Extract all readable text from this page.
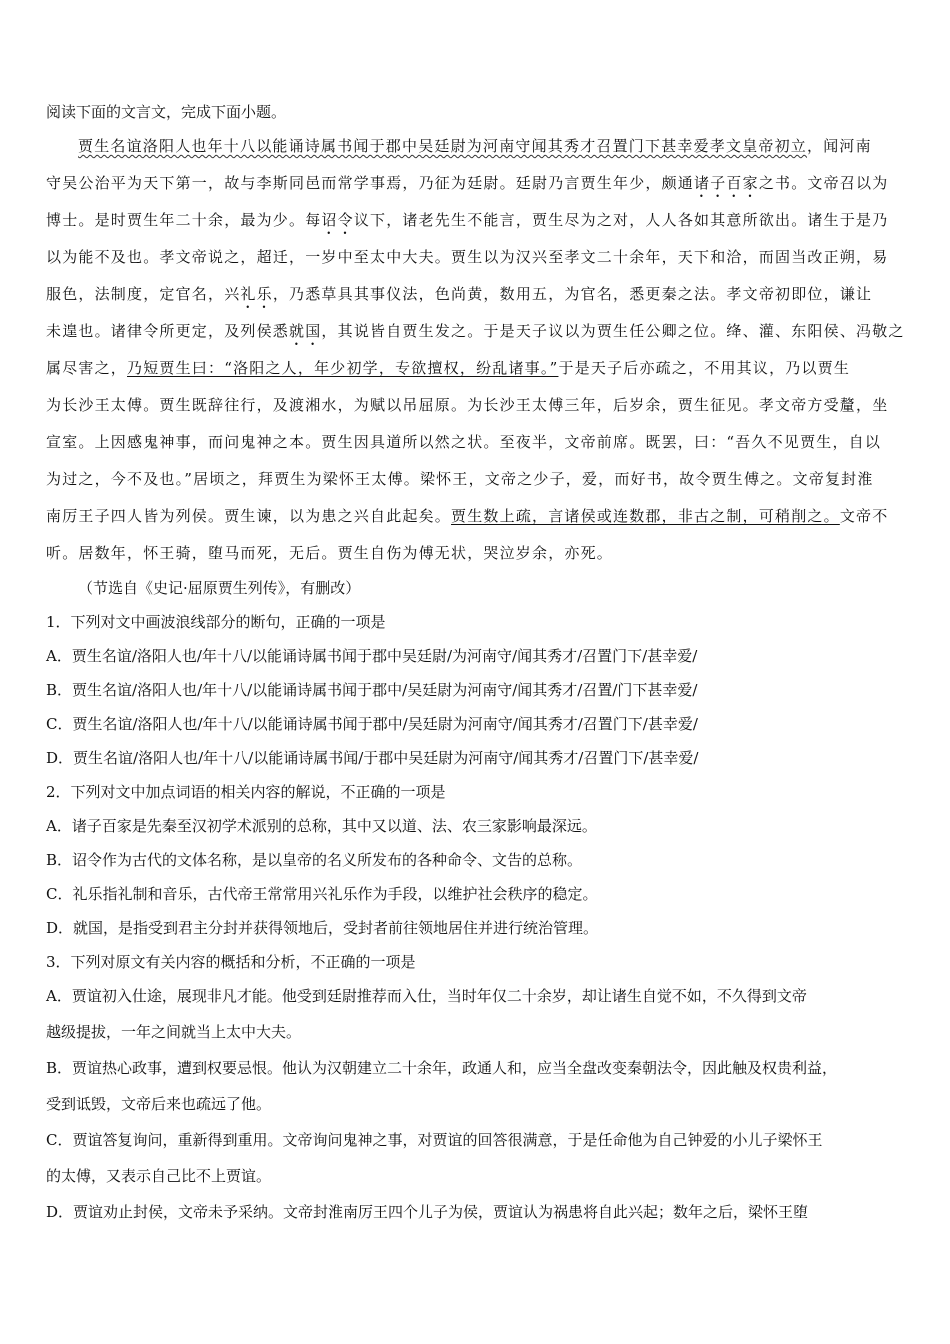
阅读下面的文言文，完成下面小题。
贾生名谊洛阳人也年十八以能诵诗属书闻于郡中吴廷尉为河南守闻其秀才召置门下甚幸爱孝文皇帝初立，闻河南
守吴公治平为天下第一，故与李斯同邑而常学事焉，乃征为廷尉。廷尉乃言贾生年少，颇通诸子百家之书。文帝召以为
博士。是时贾生年二十余，最为少。每诏令议下，诸老先生不能言，贾生尽为之对，人人各如其意所欲出。诸生于是乃
以为能不及也。孝文帝说之，超迁，一岁中至太中大夫。贾生以为汉兴至孝文二十余年，天下和洽，而固当改正朔，易
服色，法制度，定官名，兴礼乐，乃悉草具其事仪法，色尚黄，数用五，为官名，悉更秦之法。孝文帝初即位，谦让
未遑也。诸律令所更定，及列侯悉就国，其说皆自贾生发之。于是天子议以为贾生任公卿之位。绛、灌、东阳侯、冯敬之
属尽害之，乃短贾生曰：“洛阳之人，年少初学，专欲擅权，纷乱诸事。”于是天子后亦疏之，不用其议，乃以贾生
为长沙王太傅。贾生既辞往行，及渡湘水，为赋以吊屈原。为长沙王太傅三年，后岁余，贾生征见。孝文帝方受釐，坐
宣室。上因感鬼神事，而问鬼神之本。贾生因具道所以然之状。至夜半，文帝前席。既罢，曰：“吾久不见贾生，自以
为过之，今不及也。”居顷之，拜贾生为梁怀王太傅。梁怀王，文帝之少子，爱，而好书，故令贾生傅之。文帝复封淮
南厉王子四人皆为列侯。贾生谏，以为患之兴自此起矣。贾生数上疏，言诸侯或连数郡，非古之制，可稍削之。文帝不
听。居数年，怀王骑，堕马而死，无后。贾生自伤为傅无状，哭泣岁余，亦死。
（节选自《史记·屈原贾生列传》，有删改）
1．下列对文中画波浪线部分的断句，正确的一项是
A．贾生名谊/洛阳人也/年十八/以能诵诗属书闻于郡中吴廷尉/为河南守/闻其秀才/召置门下/甚幸爱/
B．贾生名谊/洛阳人也/年十八/以能诵诗属书闻于郡中/吴廷尉为河南守/闻其秀才/召置/门下甚幸爱/
C．贾生名谊/洛阳人也/年十八/以能诵诗属书闻于郡中/吴廷尉为河南守/闻其秀才/召置门下/甚幸爱/
D．贾生名谊/洛阳人也/年十八/以能诵诗属书闻/于郡中吴廷尉为河南守/闻其秀才/召置门下/甚幸爱/
2．下列对文中加点词语的相关内容的解说，不正确的一项是
A．诸子百家是先秦至汉初学术派别的总称，其中又以道、法、农三家影响最深远。
B．诏令作为古代的文体名称，是以皇帝的名义所发布的各种命令、文告的总称。
C．礼乐指礼制和音乐，古代帝王常常用兴礼乐作为手段，以维护社会秩序的稳定。
D．就国，是指受到君主分封并获得领地后，受封者前往领地居住并进行统治管理。
3．下列对原文有关内容的概括和分析，不正确的一项是
A．贾谊初入仕途，展现非凡才能。他受到廷尉推荐而入仕，当时年仅二十余岁，却让诸生自觉不如，不久得到文帝
越级提拔，一年之间就当上太中大夫。
B．贾谊热心政事，遭到权要忌恨。他认为汉朝建立二十余年，政通人和，应当全盘改变秦朝法令，因此触及权贵利益，
受到诋毁，文帝后来也疏远了他。
C．贾谊答复询问，重新得到重用。文帝询问鬼神之事，对贾谊的回答很满意，于是任命他为自己钟爱的小儿子梁怀王
的太傅，又表示自己比不上贾谊。
D．贾谊劝止封侯，文帝未予采纳。文帝封淮南厉王四个儿子为侯，贾谊认为祸患将自此兴起；数年之后，梁怀王堕
